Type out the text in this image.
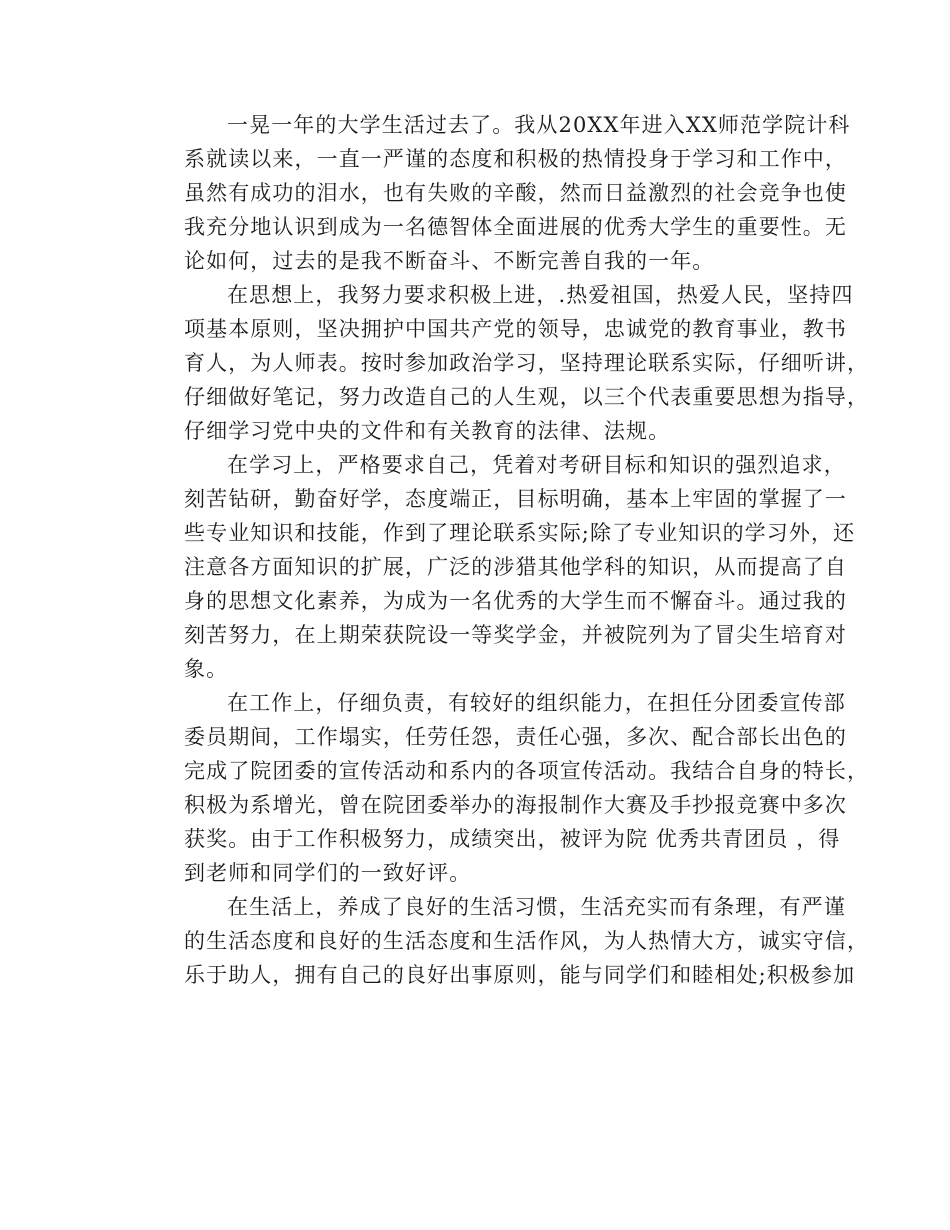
一晃一年的大学生活过去了。我从20XX年进入XX师范学院计科
系就读以来，一直一严谨的态度和积极的热情投身于学习和工作中，
虽然有成功的泪水，也有失败的辛酸，然而日益激烈的社会竞争也使
我充分地认识到成为一名德智体全面进展的优秀大学生的重要性。无
论如何，过去的是我不断奋斗、不断完善自我的一年。

在思想上，我努力要求积极上进，.热爱祖国，热爱人民，坚持四
项基本原则，坚决拥护中国共产党的领导，忠诚党的教育事业，教书
育人，为人师表。按时参加政治学习，坚持理论联系实际，仔细听讲，
仔细做好笔记，努力改造自己的人生观，以三个代表重要思想为指导，
仔细学习党中央的文件和有关教育的法律、法规。

在学习上，严格要求自己，凭着对考研目标和知识的强烈追求，
刻苦钻研，勤奋好学，态度端正，目标明确，基本上牢固的掌握了一
些专业知识和技能，作到了理论联系实际;除了专业知识的学习外，还
注意各方面知识的扩展，广泛的涉猎其他学科的知识，从而提高了自
身的思想文化素养，为成为一名优秀的大学生而不懈奋斗。通过我的
刻苦努力，在上期荣获院设一等奖学金，并被院列为了冒尖生培育对
象。

在工作上，仔细负责，有较好的组织能力，在担任分团委宣传部
委员期间，工作塌实，任劳任怨，责任心强，多次、配合部长出色的
完成了院团委的宣传活动和系内的各项宣传活动。我结合自身的特长，
积极为系增光，曾在院团委举办的海报制作大赛及手抄报竞赛中多次
获奖。由于工作积极努力，成绩突出，被评为院 优秀共青团员 ，得
到老师和同学们的一致好评。

在生活上，养成了良好的生活习惯，生活充实而有条理，有严谨
的生活态度和良好的生活态度和生活作风，为人热情大方，诚实守信，
乐于助人，拥有自己的良好出事原则，能与同学们和睦相处;积极参加
